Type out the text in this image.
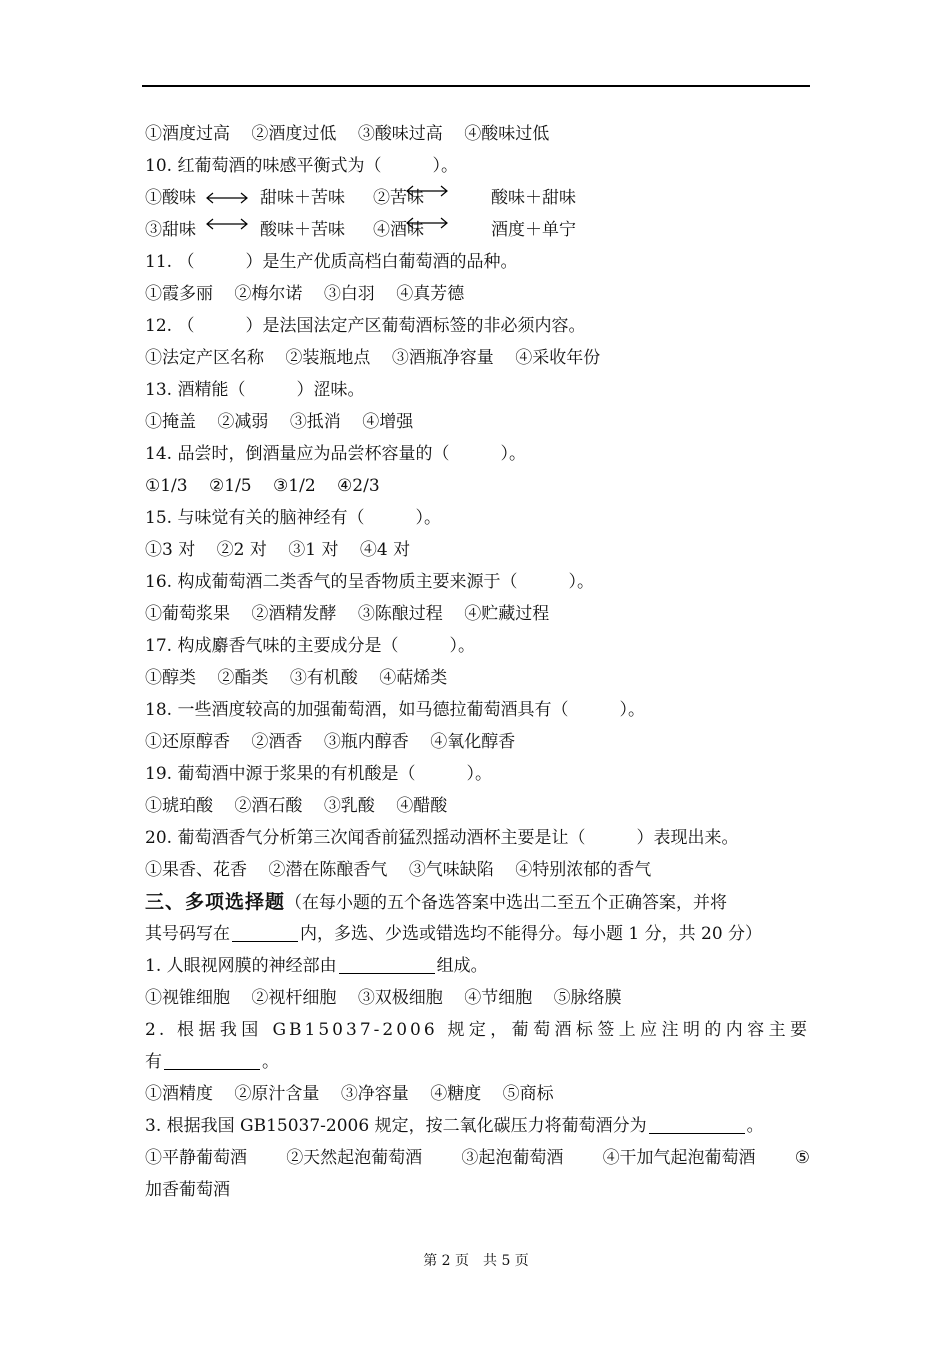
①酒度过高 ②酒度过低 ③酸味过高 ④酸味过低
10. 红葡萄酒的味感平衡式为（　　　）。
①酸味	甜味＋苦味 ②苦味	酸味＋甜味
③甜味	酸味＋苦味 ④酒味	酒度＋单宁
11. （　　　）是生产优质高档白葡萄酒的品种。
①霞多丽 ②梅尔诺 ③白羽 ④真芳德
12. （　　　）是法国法定产区葡萄酒标签的非必须内容。
①法定产区名称 ②装瓶地点 ③酒瓶净容量 ④采收年份
13. 酒精能（　　　）涩味。
①掩盖 ②减弱 ③抵消 ④增强
14. 品尝时，倒酒量应为品尝杯容量的（　　　）。
①1/3 ②1/5 ③1/2 ④2/3
15. 与味觉有关的脑神经有（　　　）。
①3 对 ②2 对 ③1 对 ④4 对
16. 构成葡萄酒二类香气的呈香物质主要来源于（　　　）。
①葡萄浆果 ②酒精发酵 ③陈酿过程 ④贮藏过程
17. 构成麝香气味的主要成分是（　　　）。
①醇类 ②酯类 ③有机酸 ④萜烯类
18. 一些酒度较高的加强葡萄酒，如马德拉葡萄酒具有（　　　）。
①还原醇香 ②酒香 ③瓶内醇香 ④氧化醇香
19. 葡萄酒中源于浆果的有机酸是（　　　）。
①琥珀酸 ②酒石酸 ③乳酸 ④醋酸
20. 葡萄酒香气分析第三次闻香前猛烈摇动酒杯主要是让（　　　）表现出来。
①果香、花香 ②潜在陈酿香气 ③气味缺陷 ④特别浓郁的香气
三、多项选择题（在每小题的五个备选答案中选出二至五个正确答案，并将
其号码写在	内，多选、少选或错选均不能得分。每小题 1 分，共 20 分）
1. 人眼视网膜的神经部由	组成。
①视锥细胞 ②视杆细胞 ③双极细胞 ④节细胞 ⑤脉络膜
2. 根据我国 GB15037-2006 规定，葡萄酒标签上应注明的内容主要
有	。
①酒精度 ②原汁含量 ③净容量 ④糖度 ⑤商标
3. 根据我国 GB15037-2006 规定，按二氧化碳压力将葡萄酒分为	。
①平静葡萄酒 ②天然起泡葡萄酒 ③起泡葡萄酒 ④干加气起泡葡萄酒 ⑤
加香葡萄酒
第 2 页　共 5 页
